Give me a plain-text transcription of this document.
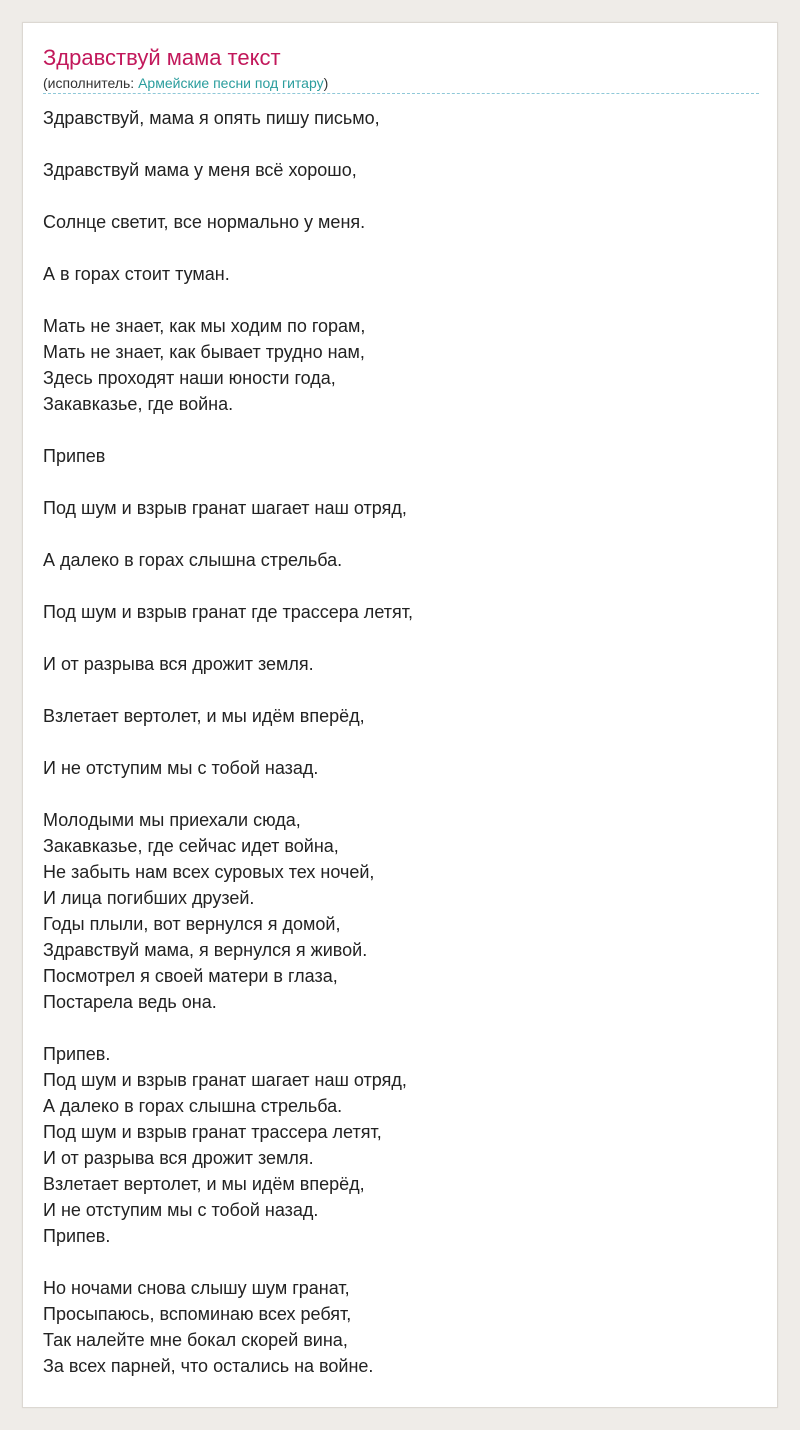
Здравствуй мама текст
(исполнитель: Армейские песни под гитару)
Здравствуй, мама я опять пишу письмо,
Здравствуй мама у меня всё хорошо,
Солнце светит, все нормально у меня.
А в горах стоит туман.
Мать не знает, как мы ходим по горам,
Мать не знает, как бывает трудно нам,
Здесь проходят наши юности года,
Закавказье, где война.
Припев
Под шум и взрыв гранат шагает наш отряд,
А далеко в горах слышна стрельба.
Под шум и взрыв гранат где трассера летят,
И от разрыва вся дрожит земля.
Взлетает вертолет, и мы идём вперёд,
И не отступим мы с тобой назад.
Молодыми мы приехали сюда,
Закавказье, где сейчас идет война,
Не забыть нам всех суровых тех ночей,
И лица погибших друзей.
Годы плыли, вот вернулся я домой,
Здравствуй мама, я вернулся я живой.
Посмотрел я своей матери в глаза,
Постарела ведь она.
Припев.
Под шум и взрыв гранат шагает наш отряд,
А далеко в горах слышна стрельба.
Под шум и взрыв гранат трассера летят,
И от разрыва вся дрожит земля.
Взлетает вертолет, и мы идём вперёд,
И не отступим мы с тобой назад.
Припев.
Но ночами снова слышу шум гранат,
Просыпаюсь, вспоминаю всех ребят,
Так налейте мне бокал скорей вина,
За всех парней, что остались на войне.
